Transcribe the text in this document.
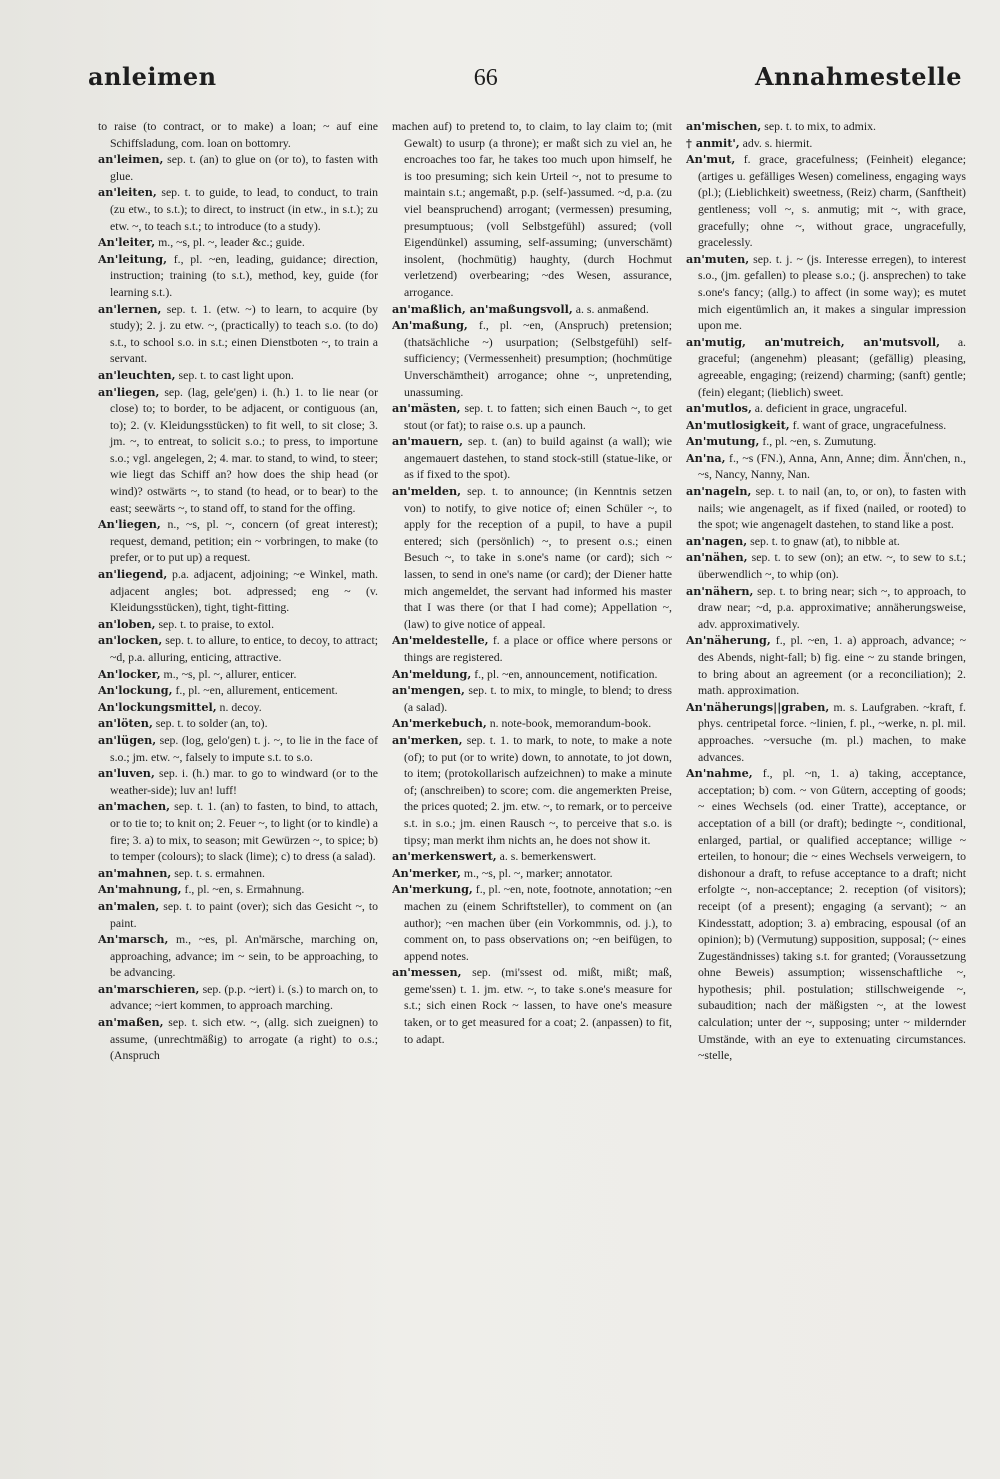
anleimen	66	Annahmestelle

to raise (to contract, or to make) a loan; ~ auf eine Schiffsladung, com. loan on bottomry.

an'leimen, sep. t. (an) to glue on (or to), to fasten with glue.

an'leiten, sep. t. to guide, to lead, to conduct, to train (zu etw., to s.t.); to direct, to instruct (in etw., in s.t.); zu etw. ~, to teach s.t.; to introduce (to a study).

An'leiter, m., ~s, pl. ~, leader &c.; guide.

An'leitung, f., pl. ~en, leading, guidance; direction, instruction; training (to s.t.), method, key, guide (for learning s.t.).

an'lernen, sep. t. 1. (etw. ~) to learn, to acquire (by study); 2. j. zu etw. ~, (practically) to teach s.o. (to do) s.t., to school s.o. in s.t.; einen Dienstboten ~, to train a servant.

an'leuchten, sep. t. to cast light upon.

an'liegen, sep. (lag, gele'gen) i. (h.) 1. to lie near (or close) to; to border, to be adjacent, or contiguous (an, to); 2. (v. Kleidungsstücken) to fit well, to sit close; 3. jm. ~, to entreat, to solicit s.o.; to press, to importune s.o.; vgl. angelegen, 2; 4. mar. to stand, to wind, to steer; wie liegt das Schiff an? how does the ship head (or wind)? ostwärts ~, to stand (to head, or to bear) to the east; seewärts ~, to stand off, to stand for the offing.

An'liegen, n., ~s, pl. ~, concern (of great interest); request, demand, petition; ein ~ vorbringen, to make (to prefer, or to put up) a request.

an'liegend, p.a. adjacent, adjoining; ~e Winkel, math. adjacent angles; bot. adpressed; eng ~ (v. Kleidungsstücken), tight, tight-fitting.

an'loben, sep. t. to praise, to extol.

an'locken, sep. t. to allure, to entice, to decoy, to attract; ~d, p.a. alluring, enticing, attractive.

An'locker, m., ~s, pl. ~, allurer, enticer.

An'lockung, f., pl. ~en, allurement, enticement.

An'lockungsmittel, n. decoy.

an'löten, sep. t. to solder (an, to).

an'lügen, sep. (log, gelo'gen) t. j. ~, to lie in the face of s.o.; jm. etw. ~, falsely to impute s.t. to s.o.

an'luven, sep. i. (h.) mar. to go to windward (or to the weather-side); luv an! luff!

an'machen, sep. t. 1. (an) to fasten, to bind, to attach, or to tie to; to knit on; 2. Feuer ~, to light (or to kindle) a fire; 3. a) to mix, to season; mit Gewürzen ~, to spice; b) to temper (colours); to slack (lime); c) to dress (a salad).

an'mahnen, sep. t. s. ermahnen.

An'mahnung, f., pl. ~en, s. Ermahnung.

an'malen, sep. t. to paint (over); sich das Gesicht ~, to paint.

An'marsch, m., ~es, pl. An'märsche, marching on, approaching, advance; im ~ sein, to be approaching, to be advancing.

an'marschieren, sep. (p.p. ~iert) i. (s.) to march on, to advance; ~iert kommen, to approach marching.

an'maßen, sep. t. sich etw. ~, (allg. sich zueignen) to assume, (unrechtmäßig) to arrogate (a right) to o.s.; (Anspruch

machen auf) to pretend to, to claim, to lay claim to; (mit Gewalt) to usurp (a throne); er maßt sich zu viel an, he encroaches too far, he takes too much upon himself, he is too presuming; sich kein Urteil ~, not to presume to maintain s.t.; angemaßt, p.p. (self-)assumed. ~d, p.a. (zu viel beanspruchend) arrogant; (vermessen) presuming, presumptuous; (voll Selbstgefühl) assured; (voll Eigendünkel) assuming, self-assuming; (unverschämt) insolent, (hochmütig) haughty, (durch Hochmut verletzend) overbearing; ~des Wesen, assurance, arrogance.

an'maßlich, an'maßungsvoll, a. s. anmaßend.

An'maßung, f., pl. ~en, (Anspruch) pretension; (thatsächliche ~) usurpation; (Selbstgefühl) self-sufficiency; (Vermessenheit) presumption; (hochmütige Unverschämtheit) arrogance; ohne ~, unpretending, unassuming.

an'mästen, sep. t. to fatten; sich einen Bauch ~, to get stout (or fat); to raise o.s. up a paunch.

an'mauern, sep. t. (an) to build against (a wall); wie angemauert dastehen, to stand stock-still (statue-like, or as if fixed to the spot).

an'melden, sep. t. to announce; (in Kenntnis setzen von) to notify, to give notice of; einen Schüler ~, to apply for the reception of a pupil, to have a pupil entered; sich (persönlich) ~, to present o.s.; einen Besuch ~, to take in s.one's name (or card); sich ~ lassen, to send in one's name (or card); der Diener hatte mich angemeldet, the servant had informed his master that I was there (or that I had come); Appellation ~, (law) to give notice of appeal.

An'meldestelle, f. a place or office where persons or things are registered.

An'meldung, f., pl. ~en, announcement, notification.

an'mengen, sep. t. to mix, to mingle, to blend; to dress (a salad).

An'merkebuch, n. note-book, memorandum-book.

an'merken, sep. t. 1. to mark, to note, to make a note (of); to put (or to write) down, to annotate, to jot down, to item; (protokollarisch aufzeichnen) to make a minute of; (anschreiben) to score; com. die angemerkten Preise, the prices quoted; 2. jm. etw. ~, to remark, or to perceive s.t. in s.o.; jm. einen Rausch ~, to perceive that s.o. is tipsy; man merkt ihm nichts an, he does not show it.

an'merkenswert, a. s. bemerkenswert.

An'merker, m., ~s, pl. ~, marker; annotator.

An'merkung, f., pl. ~en, note, footnote, annotation; ~en machen zu (einem Schriftsteller), to comment on (an author); ~en machen über (ein Vorkommnis, od. j.), to comment on, to pass observations on; ~en beifügen, to append notes.

an'messen, sep. (mi'ssest od. mißt, mißt; maß, geme'ssen) t. 1. jm. etw. ~, to take s.one's measure for s.t.; sich einen Rock ~ lassen, to have one's measure taken, or to get measured for a coat; 2. (anpassen) to fit, to adapt.

an'mischen, sep. t. to mix, to admix.

† anmit', adv. s. hiermit.

An'mut, f. grace, gracefulness; (Feinheit) elegance; (artiges u. gefälliges Wesen) comeliness, engaging ways (pl.); (Lieblichkeit) sweetness, (Reiz) charm, (Sanftheit) gentleness; voll ~, s. anmutig; mit ~, with grace, gracefully; ohne ~, without grace, ungracefully, gracelessly.

an'muten, sep. t. j. ~ (js. Interesse erregen), to interest s.o., (jm. gefallen) to please s.o.; (j. ansprechen) to take s.one's fancy; (allg.) to affect (in some way); es mutet mich eigentümlich an, it makes a singular impression upon me.

an'mutig, an'mutreich, an'mutsvoll, a. graceful; (angenehm) pleasant; (gefällig) pleasing, agreeable, engaging; (reizend) charming; (sanft) gentle; (fein) elegant; (lieblich) sweet.

an'mutlos, a. deficient in grace, ungraceful.

An'mutlosigkeit, f. want of grace, ungracefulness.

An'mutung, f., pl. ~en, s. Zumutung.

An'na, f., ~s (FN.), Anna, Ann, Anne; dim. Änn'chen, n., ~s, Nancy, Nanny, Nan.

an'nageln, sep. t. to nail (an, to, or on), to fasten with nails; wie angenagelt, as if fixed (nailed, or rooted) to the spot; wie angenagelt dastehen, to stand like a post.

an'nagen, sep. t. to gnaw (at), to nibble at.

an'nähen, sep. t. to sew (on); an etw. ~, to sew to s.t.; überwendlich ~, to whip (on).

an'nähern, sep. t. to bring near; sich ~, to approach, to draw near; ~d, p.a. approximative; annäherungsweise, adv. approximatively.

An'näherung, f., pl. ~en, 1. a) approach, advance; ~ des Abends, night-fall; b) fig. eine ~ zu stande bringen, to bring about an agreement (or a reconciliation); 2. math. approximation.

An'näherungs||graben, m. s. Laufgraben. ~kraft, f. phys. centripetal force. ~linien, f. pl., ~werke, n. pl. mil. approaches. ~versuche (m. pl.) machen, to make advances.

An'nahme, f., pl. ~n, 1. a) taking, acceptance, acceptation; b) com. ~ von Gütern, accepting of goods; ~ eines Wechsels (od. einer Tratte), acceptance, or acceptation of a bill (or draft); bedingte ~, conditional, enlarged, partial, or qualified acceptance; willige ~ erteilen, to honour; die ~ eines Wechsels verweigern, to dishonour a draft, to refuse acceptance to a draft; nicht erfolgte ~, non-acceptance; 2. reception (of visitors); receipt (of a present); engaging (a servant); ~ an Kindesstatt, adoption; 3. a) embracing, espousal (of an opinion); b) (Vermutung) supposition, supposal; (~ eines Zugeständnisses) taking s.t. for granted; (Voraussetzung ohne Beweis) assumption; wissenschaftliche ~, hypothesis; phil. postulation; stillschweigende ~, subaudition; nach der mäßigsten ~, at the lowest calculation; unter der ~, supposing; unter ~ mildernder Umstände, with an eye to extenuating circumstances. ~stelle,
